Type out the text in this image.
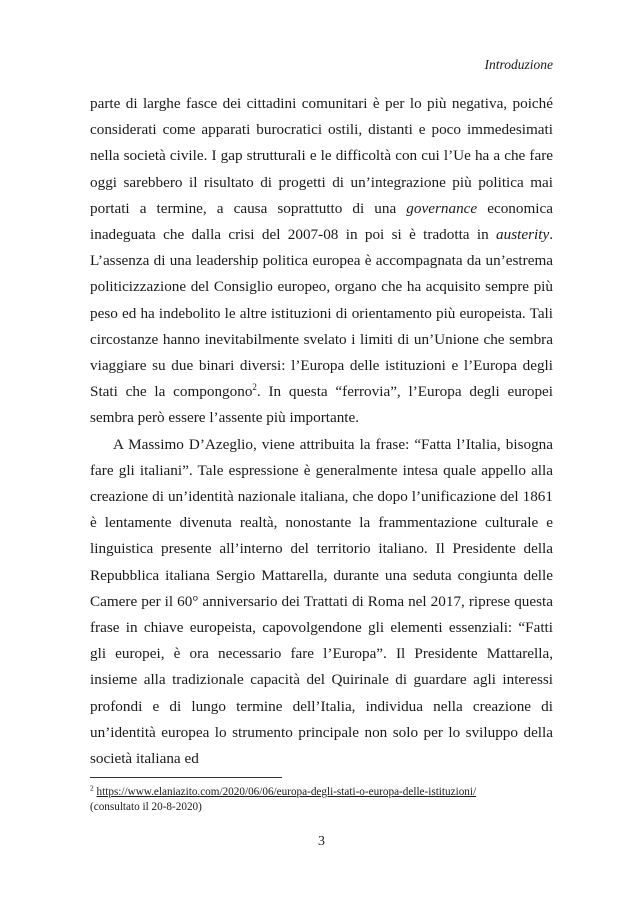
Introduzione

parte di larghe fasce dei cittadini comunitari è per lo più negativa, poiché considerati come apparati burocratici ostili, distanti e poco immedesimati nella società civile. I gap strutturali e le difficoltà con cui l’Ue ha a che fare oggi sarebbero il risultato di progetti di un’integrazione più politica mai portati a termine, a causa soprattutto di una governance economica inadeguata che dalla crisi del 2007-08 in poi si è tradotta in austerity. L’assenza di una leadership politica europea è accompagnata da un’estrema politicizzazione del Consiglio europeo, organo che ha acquisito sempre più peso ed ha indebolito le altre istituzioni di orientamento più europeista. Tali circostanze hanno inevitabilmente svelato i limiti di un’Unione che sembra viaggiare su due binari diversi: l’Europa delle istituzioni e l’Europa degli Stati che la compongono$^2$. In questa “ferrovia”, l’Europa degli europei sembra però essere l’assente più importante.

A Massimo D’Azeglio, viene attribuita la frase: “Fatta l’Italia, bisogna fare gli italiani”. Tale espressione è generalmente intesa quale appello alla creazione di un’identità nazionale italiana, che dopo l’unificazione del 1861 è lentamente divenuta realtà, nonostante la frammentazione culturale e linguistica presente all’interno del territorio italiano. Il Presidente della Repubblica italiana Sergio Mattarella, durante una seduta congiunta delle Camere per il 60° anniversario dei Trattati di Roma nel 2017, riprese questa frase in chiave europeista, capovolgendone gli elementi essenziali: “Fatti gli europei, è ora necessario fare l’Europa”. Il Presidente Mattarella, insieme alla tradizionale capacità del Quirinale di guardare agli interessi profondi e di lungo termine dell’Italia, individua nella creazione di un’identità europea lo strumento principale non solo per lo sviluppo della società italiana ed

$^2$ https://www.elaniazito.com/2020/06/06/europa-degli-stati-o-europa-delle-istituzioni/
(consultato il 20-8-2020)
3
